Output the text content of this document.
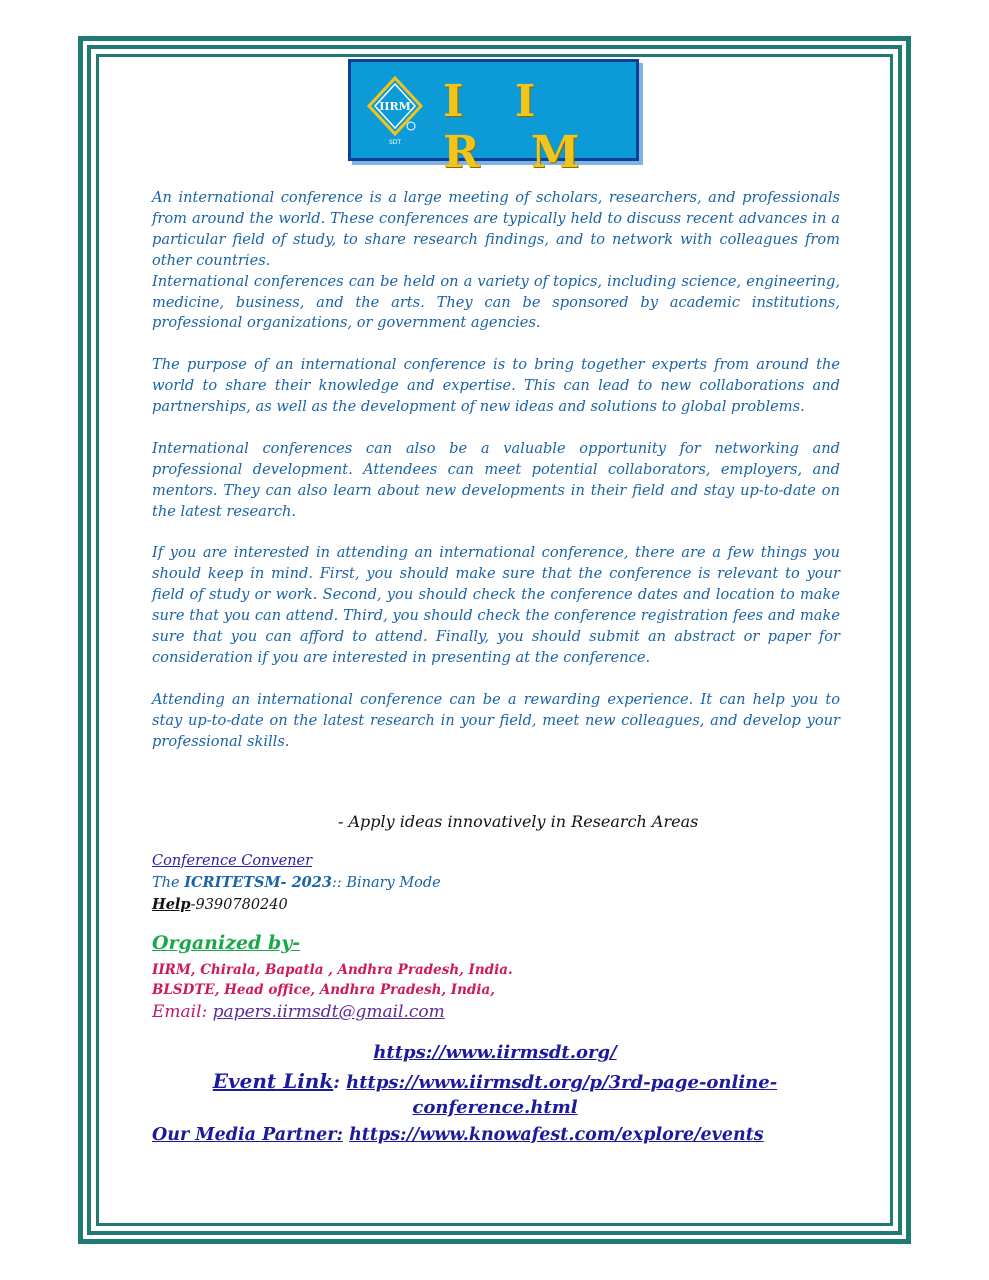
IIRM
SDT
I I R M

An international conference is a large meeting of scholars, researchers, and professionals from around the world. These conferences are typically held to discuss recent advances in a particular field of study, to share research findings, and to network with colleagues from other countries.

International conferences can be held on a variety of topics, including science, engineering, medicine, business, and the arts. They can be sponsored by academic institutions, professional organizations, or government agencies.

The purpose of an international conference is to bring together experts from around the world to share their knowledge and expertise. This can lead to new collaborations and partnerships, as well as the development of new ideas and solutions to global problems.

International conferences can also be a valuable opportunity for networking and professional development. Attendees can meet potential collaborators, employers, and mentors. They can also learn about new developments in their field and stay up-to-date on the latest research.

If you are interested in attending an international conference, there are a few things you should keep in mind. First, you should make sure that the conference is relevant to your field of study or work. Second, you should check the conference dates and location to make sure that you can attend. Third, you should check the conference registration fees and make sure that you can afford to attend. Finally, you should submit an abstract or paper for consideration if you are interested in presenting at the conference.

Attending an international conference can be a rewarding experience. It can help you to stay up-to-date on the latest research in your field, meet new colleagues, and develop your professional skills.

- Apply ideas innovatively in Research Areas
Conference Convener
The ICRITETSM- 2023:: Binary Mode
Help-9390780240
Organized by-
IIRM, Chirala, Bapatla , Andhra Pradesh, India.
BLSDTE, Head office, Andhra Pradesh, India,
Email: papers.iirmsdt@gmail.com
https://www.iirmsdt.org/
Event Link: https://www.iirmsdt.org/p/3rd-page-online-conference.html
Our Media Partner: https://www.knowafest.com/explore/events
